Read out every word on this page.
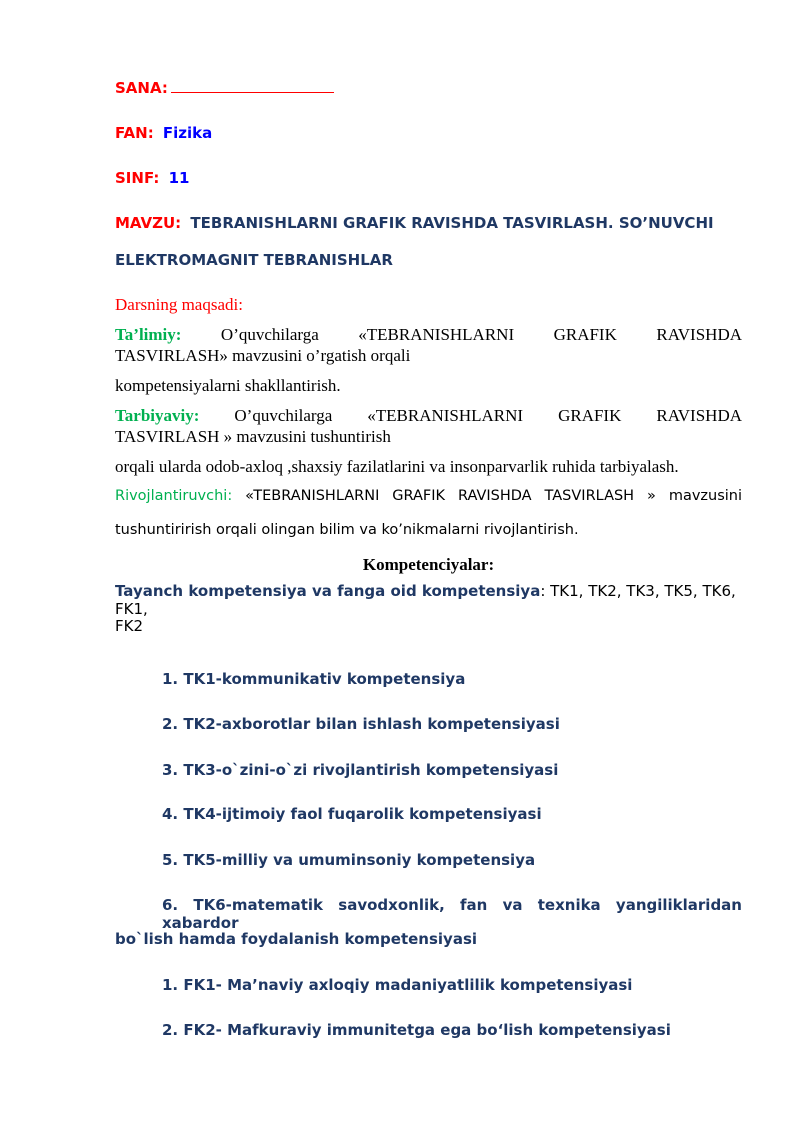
SANA:
FAN: Fizika
SINF: 11
MAVZU: TEBRANISHLARNI GRAFIK RAVISHDA TASVIRLASH. SO’NUVCHI
ELEKTROMAGNIT TEBRANISHLAR
Darsning maqsadi:
Ta’limiy: O’quvchilarga «TEBRANISHLARNI GRAFIK RAVISHDA
TASVIRLASH» mavzusini o’rgatish orqali
kompetensiyalarni shakllantirish.
Tarbiyaviy: O’quvchilarga «TEBRANISHLARNI GRAFIK RAVISHDA
TASVIRLASH » mavzusini tushuntirish
orqali ularda odob-axloq ,shaxsiy fazilatlarini va insonparvarlik ruhida tarbiyalash.
Rivojlantiruvchi: «TEBRANISHLARNI GRAFIK RAVISHDA TASVIRLASH » mavzusini
tushuntirirish orqali olingan bilim va ko’nikmalarni rivojlantirish.
Kompetenciyalar:
Tayanch kompetensiya va fanga oid kompetensiya: TK1, TK2, TK3, TK5, TK6, FK1,
FK2
1. TK1-kommunikativ kompetensiya
2. TK2-axborotlar bilan ishlash kompetensiyasi
3. TK3-o`zini-o`zi rivojlantirish kompetensiyasi
4. TK4-ijtimoiy faol fuqarolik kompetensiyasi
5. TK5-milliy va umuminsoniy kompetensiya
6. TK6-matematik savodxonlik, fan va texnika yangiliklaridan xabardor
bo`lish hamda foydalanish kompetensiyasi
1. FK1- Ma’naviy axloqiy madaniyatlilik kompetensiyasi
2. FK2- Mafkuraviy immunitetga ega bo‘lish kompetensiyasi
